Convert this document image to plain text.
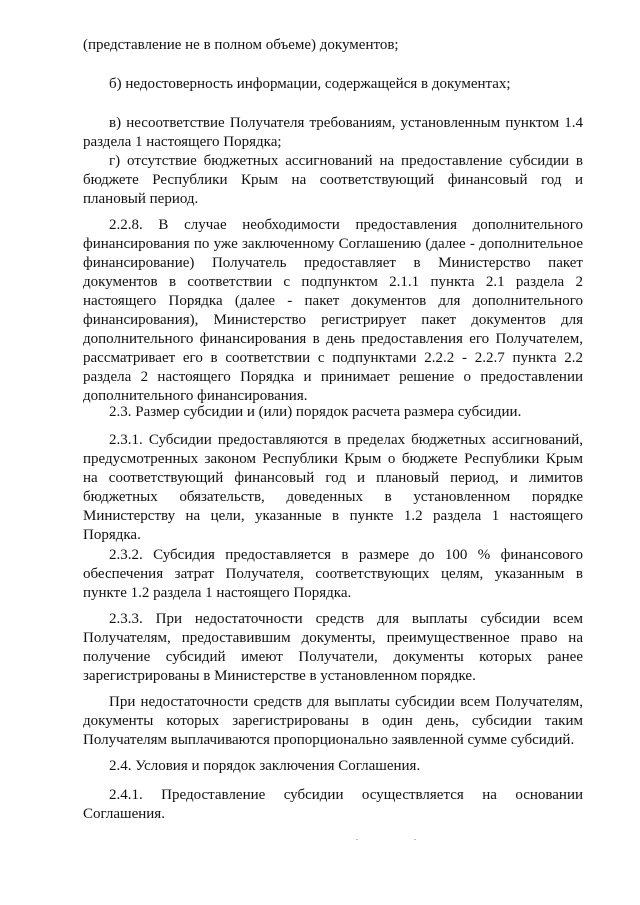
(представление не в полном объеме) документов;
б) недостоверность информации, содержащейся в документах;
в) несоответствие Получателя требованиям, установленным пунктом 1.4
раздела 1 настоящего Порядка;
г) отсутствие бюджетных ассигнований на предоставление субсидии в
бюджете Республики Крым на соответствующий финансовый год и
плановый период.
2.2.8. В случае необходимости предоставления дополнительного
финансирования по уже заключенному Соглашению (далее - дополнительное
финансирование) Получатель предоставляет в Министерство пакет
документов в соответствии с подпунктом 2.1.1 пункта 2.1 раздела 2
настоящего Порядка (далее - пакет документов для дополнительного
финансирования), Министерство регистрирует пакет документов для
дополнительного финансирования в день предоставления его Получателем,
рассматривает его в соответствии с подпунктами 2.2.2 - 2.2.7 пункта 2.2
раздела 2 настоящего Порядка и принимает решение о предоставлении
дополнительного финансирования.
2.3. Размер субсидии и (или) порядок расчета размера субсидии.
2.3.1. Субсидии предоставляются в пределах бюджетных ассигнований,
предусмотренных законом Республики Крым о бюджете Республики Крым
на соответствующий финансовый год и плановый период, и лимитов
бюджетных обязательств, доведенных в установленном порядке
Министерству на цели, указанные в пункте 1.2 раздела 1 настоящего
Порядка.
2.3.2. Субсидия предоставляется в размере до 100 % финансового
обеспечения затрат Получателя, соответствующих целям, указанным в
пункте 1.2 раздела 1 настоящего Порядка.
2.3.3. При недостаточности средств для выплаты субсидии всем
Получателям, предоставившим документы, преимущественное право на
получение субсидий имеют Получатели, документы которых ранее
зарегистрированы в Министерстве в установленном порядке.
При недостаточности средств для выплаты субсидии всем Получателям,
документы которых зарегистрированы в один день, субсидии таким
Получателям выплачиваются пропорционально заявленной сумме субсидий.
2.4. Условия и порядок заключения Соглашения.
2.4.1. Предоставление субсидии осуществляется на основании
Соглашения.
